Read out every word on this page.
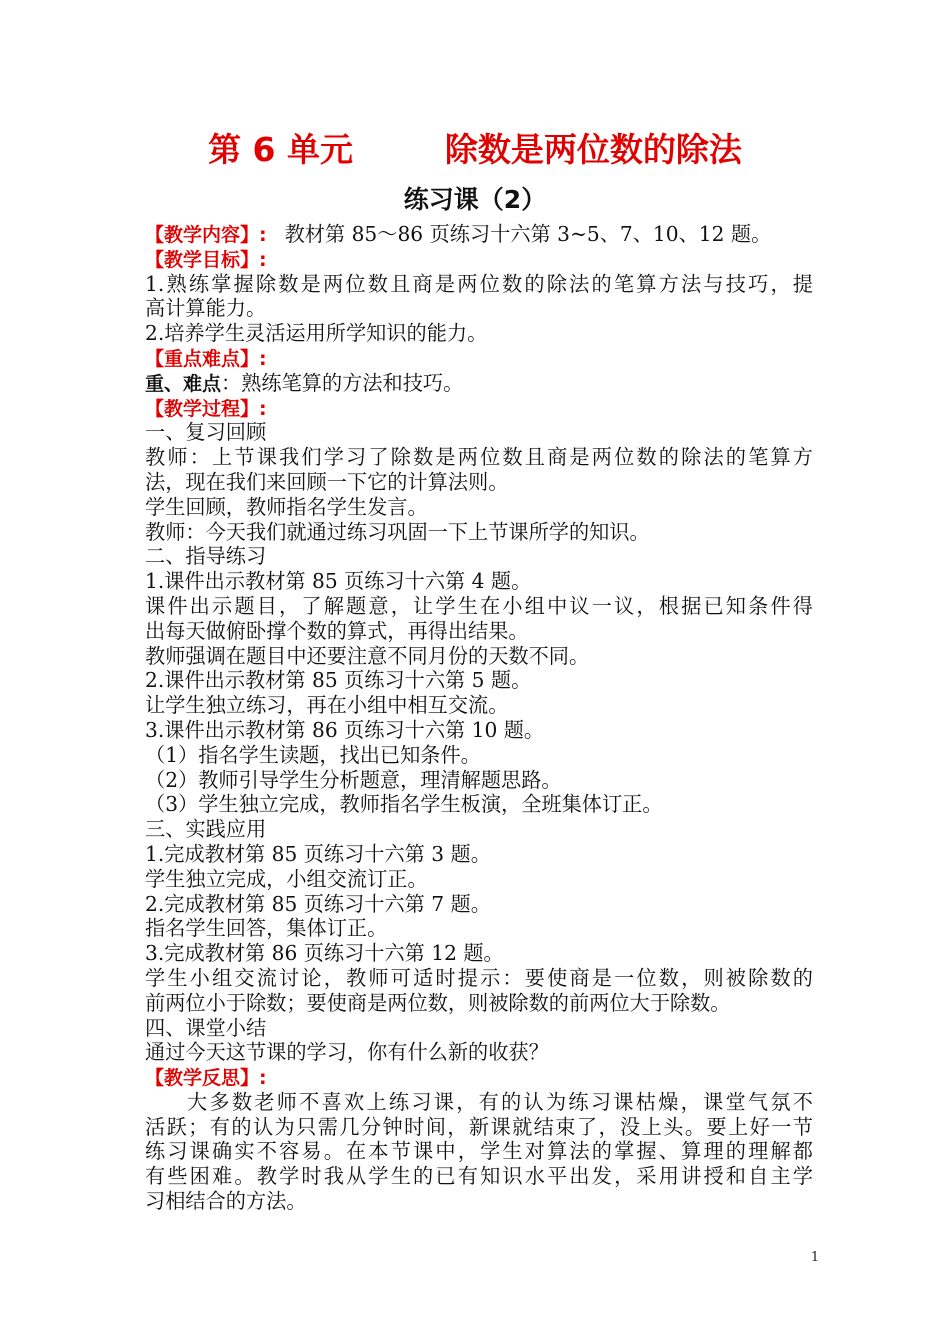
第 6 单元        除数是两位数的除法
练习课（2）
【教学内容】: 教材第 85～86 页练习十六第 3~5、7、10、12 题。
【教学目标】:
1.熟练掌握除数是两位数且商是两位数的除法的笔算方法与技巧，提
高计算能力。
2.培养学生灵活运用所学知识的能力。
【重点难点】:
重、难点：熟练笔算的方法和技巧。
【教学过程】:
一、复习回顾
教师：上节课我们学习了除数是两位数且商是两位数的除法的笔算方
法，现在我们来回顾一下它的计算法则。
学生回顾，教师指名学生发言。
教师：今天我们就通过练习巩固一下上节课所学的知识。
二、指导练习
1.课件出示教材第 85 页练习十六第 4 题。
课件出示题目，了解题意，让学生在小组中议一议，根据已知条件得
出每天做俯卧撑个数的算式，再得出结果。
教师强调在题目中还要注意不同月份的天数不同。
2.课件出示教材第 85 页练习十六第 5 题。
让学生独立练习，再在小组中相互交流。
3.课件出示教材第 86 页练习十六第 10 题。
（1）指名学生读题，找出已知条件。
（2）教师引导学生分析题意，理清解题思路。
（3）学生独立完成，教师指名学生板演，全班集体订正。
三、实践应用
1.完成教材第 85 页练习十六第 3 题。
学生独立完成，小组交流订正。
2.完成教材第 85 页练习十六第 7 题。
指名学生回答，集体订正。
3.完成教材第 86 页练习十六第 12 题。
学生小组交流讨论，教师可适时提示：要使商是一位数，则被除数的
前两位小于除数；要使商是两位数，则被除数的前两位大于除数。
四、课堂小结
通过今天这节课的学习，你有什么新的收获？
【教学反思】:
大多数老师不喜欢上练习课，有的认为练习课枯燥，课堂气氛不
活跃；有的认为只需几分钟时间，新课就结束了，没上头。要上好一节
练习课确实不容易。在本节课中，学生对算法的掌握、算理的理解都
有些困难。教学时我从学生的已有知识水平出发，采用讲授和自主学
习相结合的方法。
1
